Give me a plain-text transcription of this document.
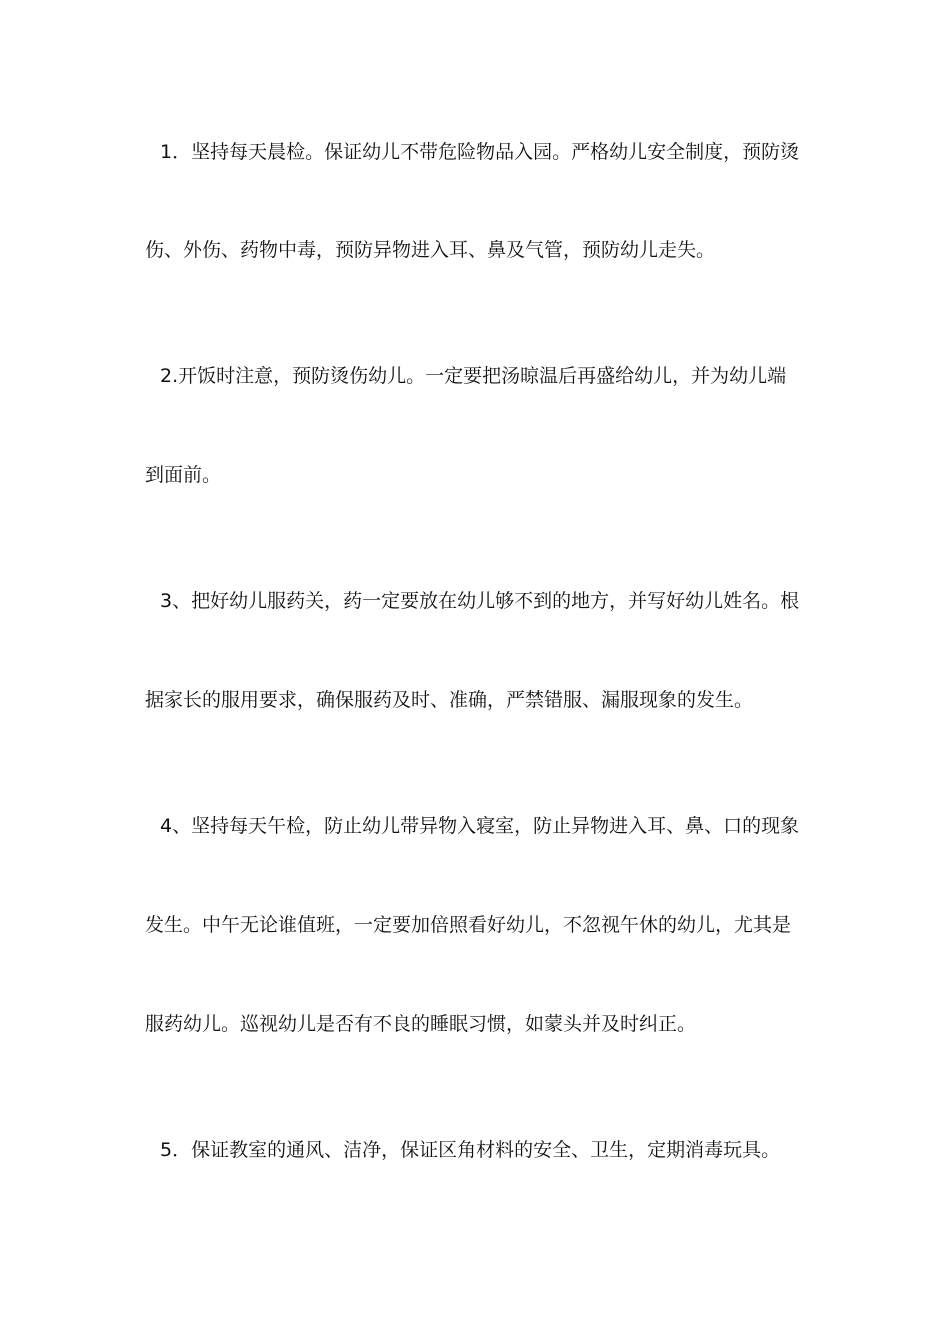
1．坚持每天晨检。保证幼儿不带危险物品入园。严格幼儿安全制度，预防烫
伤、外伤、药物中毒，预防异物进入耳、鼻及气管，预防幼儿走失。
2.开饭时注意，预防烫伤幼儿。一定要把汤晾温后再盛给幼儿，并为幼儿端
到面前。
3、把好幼儿服药关，药一定要放在幼儿够不到的地方，并写好幼儿姓名。根
据家长的服用要求，确保服药及时、准确，严禁错服、漏服现象的发生。
4、坚持每天午检，防止幼儿带异物入寝室，防止异物进入耳、鼻、口的现象
发生。中午无论谁值班，一定要加倍照看好幼儿，不忽视午休的幼儿，尤其是
服药幼儿。巡视幼儿是否有不良的睡眠习惯，如蒙头并及时纠正。
5．保证教室的通风、洁净，保证区角材料的安全、卫生，定期消毒玩具。
